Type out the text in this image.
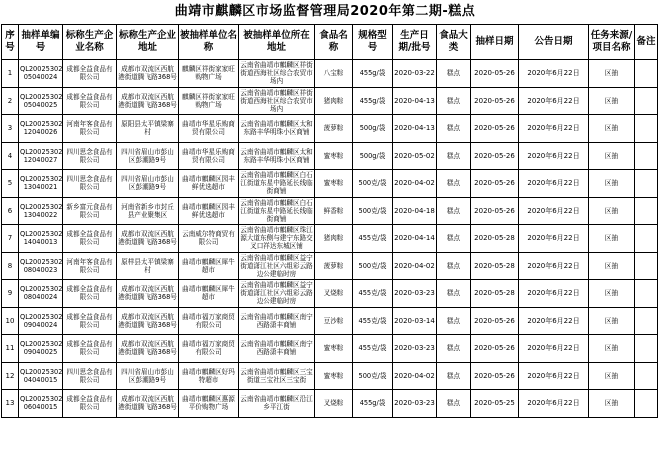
曲靖市麒麟区市场监督管理局2020年第二期-糕点
序号	抽样单编号	标称生产企业名称	标称生产企业地址	被抽样单位名称	被抽样单位所在地址	食品名称	规格型号	生产日期/批号	食品大类	抽样日期	公告日期	任务来源/项目名称	备注
1	QL20025302 05040024	成都全益食品有限公司	成都市双流区西航港街道腾飞路368号	麒麟区祥街家家旺购物广场	云南省曲靖市麒麟区祥街街道西海社区综合农贸市场内	八宝粽	455g/袋	2020-03-22	糕点	2020-05-26	2020年6月22日	区抽	
2	QL20025302 05040025	成都全益食品有限公司	成都市双流区西航港街道腾飞路368号	麒麟区祥街家家旺购物广场	云南省曲靖市麒麟区祥街街道西海社区综合农贸市场内	猪肉粽	455g/袋	2020-04-13	糕点	2020-05-26	2020年6月22日	区抽	
3	QL20025302 12040026	河南年客食品有限公司	原阳县太平镇梁寨村	曲靖市华星乐购商贸有限公司	云南省曲靖市麒麟区太和东路丰华明珠小区商铺	菠萝粽	500g/袋	2020-04-13	糕点	2020-05-26	2020年6月22日	区抽	
4	QL20025302 12040027	四川思念食品有限公司	四川省眉山市彭山区彭潮路9号	曲靖市华星乐购商贸有限公司	云南省曲靖市麒麟区太和东路丰华明珠小区商铺	蜜枣粽	500g/袋	2020-05-02	糕点	2020-05-26	2020年6月22日	区抽	
5	QL20025302 13040021	四川思念食品有限公司	四川省眉山市彭山区彭潮路9号	曲靖市麒麟区园丰鲜优选超市	云南省曲靖市麒麟区白石江街道东星中路延长线临街商铺	蜜枣粽	500克/袋	2020-04-02	糕点	2020-05-26	2020年6月22日	区抽	
6	QL20025302 13040022	新乡富元食品有限公司	河南省新乡市封丘县产业聚集区	曲靖市麒麟区园丰鲜优选超市	云南省曲靖市麒麟区白石江街道东星中路延长线临街商铺	鲜香粽	500克/袋	2020-04-18	糕点	2020-05-26	2020年6月22日	区抽	
7	QL20025302 14040013	成都全益食品有限公司	成都市双流区西航港街道腾飞路368号	云南威尔特商贸有限公司	云南省曲靖市麒麟区珠江源大道东侧与建宁东路交叉口祥达东城区铺	猪肉粽	455克/袋	2020-04-14	糕点	2020-05-28	2020年6月22日	区抽	
8	QL20025302 08040023	河南年客食品有限公司	原样县太平镇梁寨村	曲靖市麒麟区犀牛超市	云南省曲靖市麒麟区益宁街道潇江社区六组彩云路边公建临时房	菠萝粽	500克/袋	2020-04-02	糕点	2020-05-28	2020年6月22日	区抽	
9	QL20025302 08040024	成都全益食品有限公司	成都市双流区西航港街道腾飞路368号	曲靖市麒麟区犀牛超市	云南省曲靖市麒麟区益宁街道潇江社区六组彩云路边公建临时房	叉烧粽	455克/袋	2020-03-23	糕点	2020-05-28	2020年6月22日	区抽	
10	QL20025302 09040024	成都全益食品有限公司	成都市双流区西航港街道腾飞路368号	曲靖市福万家商贸有限公司	云南省曲靖市麒麟区南宁西路潇丰商铺	豆沙粽	455克/袋	2020-03-14	糕点	2020-05-26	2020年6月22日	区抽	
11	QL20025302 09040025	成都全益食品有限公司	成都市双流区西航港街道腾飞路368号	曲靖市福万家商贸有限公司	云南省曲靖市麒麟区南宁西路潇丰商铺	蜜枣粽	455克/袋	2020-03-23	糕点	2020-05-26	2020年6月22日	区抽	
12	QL20025302 04040015	四川思念食品有限公司	四川省眉山市彭山区彭潮路9号	曲靖市麒麟区好玛特超市	云南省曲靖市麒麟区三宝街道三宝社区三宝街	蜜枣粽	500克/袋	2020-04-02	糕点	2020-05-26	2020年6月22日	区抽	
13	QL20025302 06040015	成都全益食品有限公司	成都市双流区西航港街道腾飞路368号	曲靖市麒麟区惠源平价购物广场	云南省曲靖市麒麟区沿江乡平江街	叉烧粽	455g/袋	2020-03-23	糕点	2020-05-25	2020年6月22日	区抽	
